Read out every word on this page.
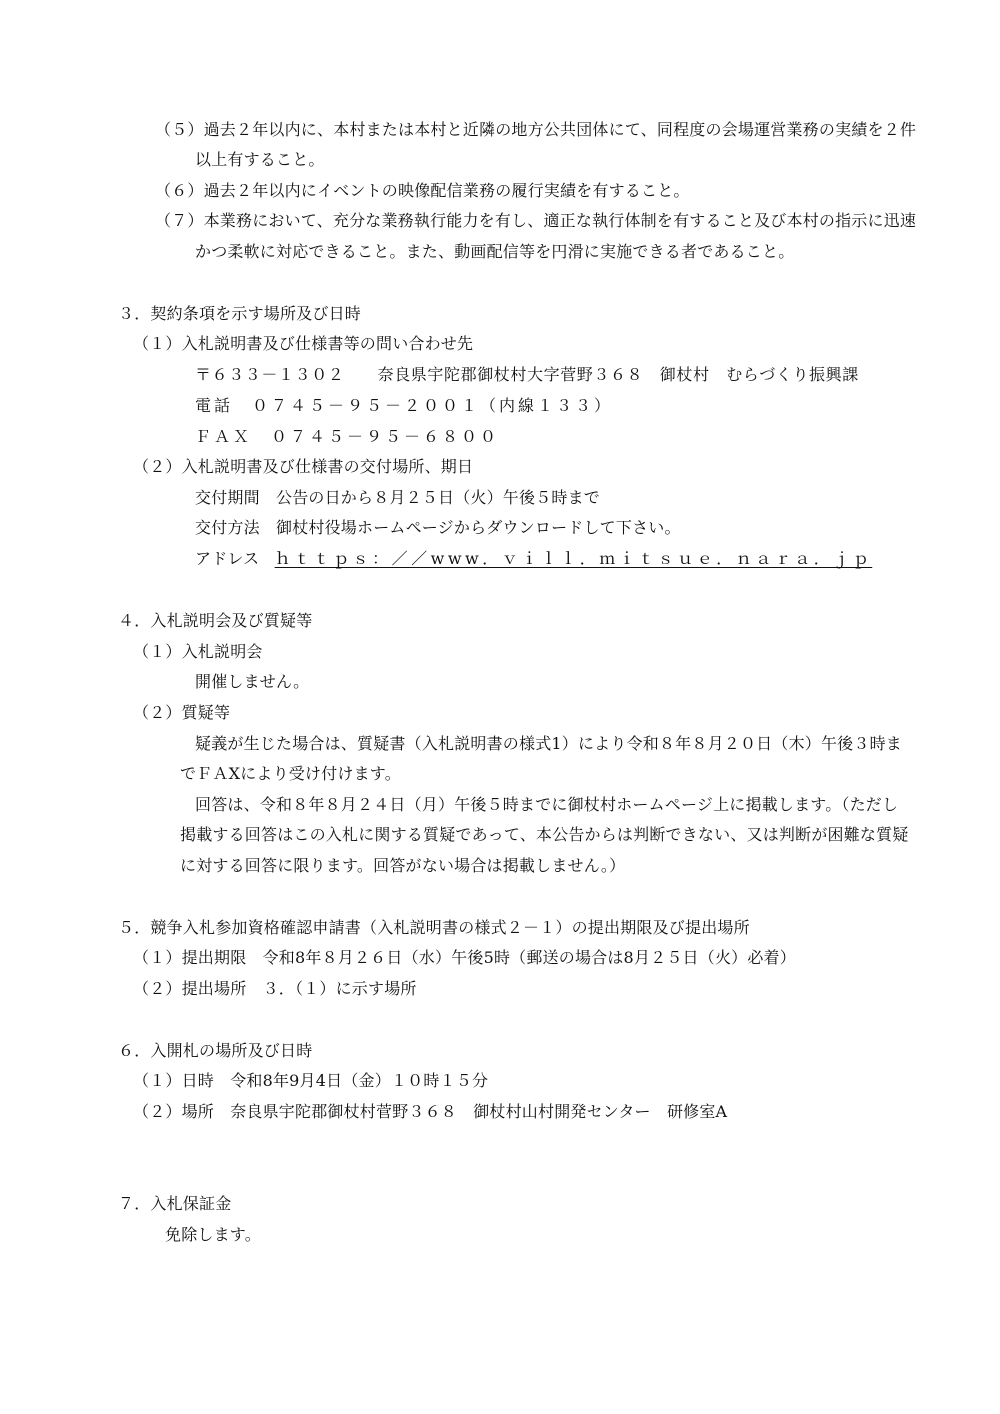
（５）過去２年以内に、本村または本村と近隣の地方公共団体にて、同程度の会場運営業務の実績を２件
以上有すること。
（６）過去２年以内にイベントの映像配信業務の履行実績を有すること。
（７）本業務において、充分な業務執行能力を有し、適正な執行体制を有すること及び本村の指示に迅速
かつ柔軟に対応できること。また、動画配信等を円滑に実施できる者であること。
３．契約条項を示す場所及び日時
（１）入札説明書及び仕様書等の問い合わせ先
〒６３３－１３０２　　奈良県宇陀郡御杖村大字菅野３６８　御杖村　むらづくり振興課
電話　０７４５－９５－２００１（内線１３３）
ＦＡＸ　０７４５－９５－６８００
（２）入札説明書及び仕様書の交付場所、期日
交付期間　公告の日から８月２５日（火）午後５時まで
交付方法　御杖村役場ホームページからダウンロードして下さい。
アドレス ｈｔｔｐｓ：／／www．ｖｉｌｌ．ｍｉｔｓｕｅ．ｎａｒａ．ｊｐ
４．入札説明会及び質疑等
（１）入札説明会
開催しません。
（２）質疑等
疑義が生じた場合は、質疑書（入札説明書の様式1）により令和８年８月２０日（木）午後３時ま
でＦＡXにより受け付けます。
回答は、令和８年８月２４日（月）午後５時までに御杖村ホームページ上に掲載します。（ただし
掲載する回答はこの入札に関する質疑であって、本公告からは判断できない、又は判断が困難な質疑
に対する回答に限ります。回答がない場合は掲載しません。）
５．競争入札参加資格確認申請書（入札説明書の様式２－１）の提出期限及び提出場所
（１）提出期限　令和8年８月２６日（水）午後5時（郵送の場合は8月２５日（火）必着）
（２）提出場所　３．（１）に示す場所
６．入開札の場所及び日時
（１）日時　令和8年9月4日（金）１０時１５分
（２）場所　奈良県宇陀郡御杖村菅野３６８　御杖村山村開発センター　研修室A
７．入札保証金
免除します。
